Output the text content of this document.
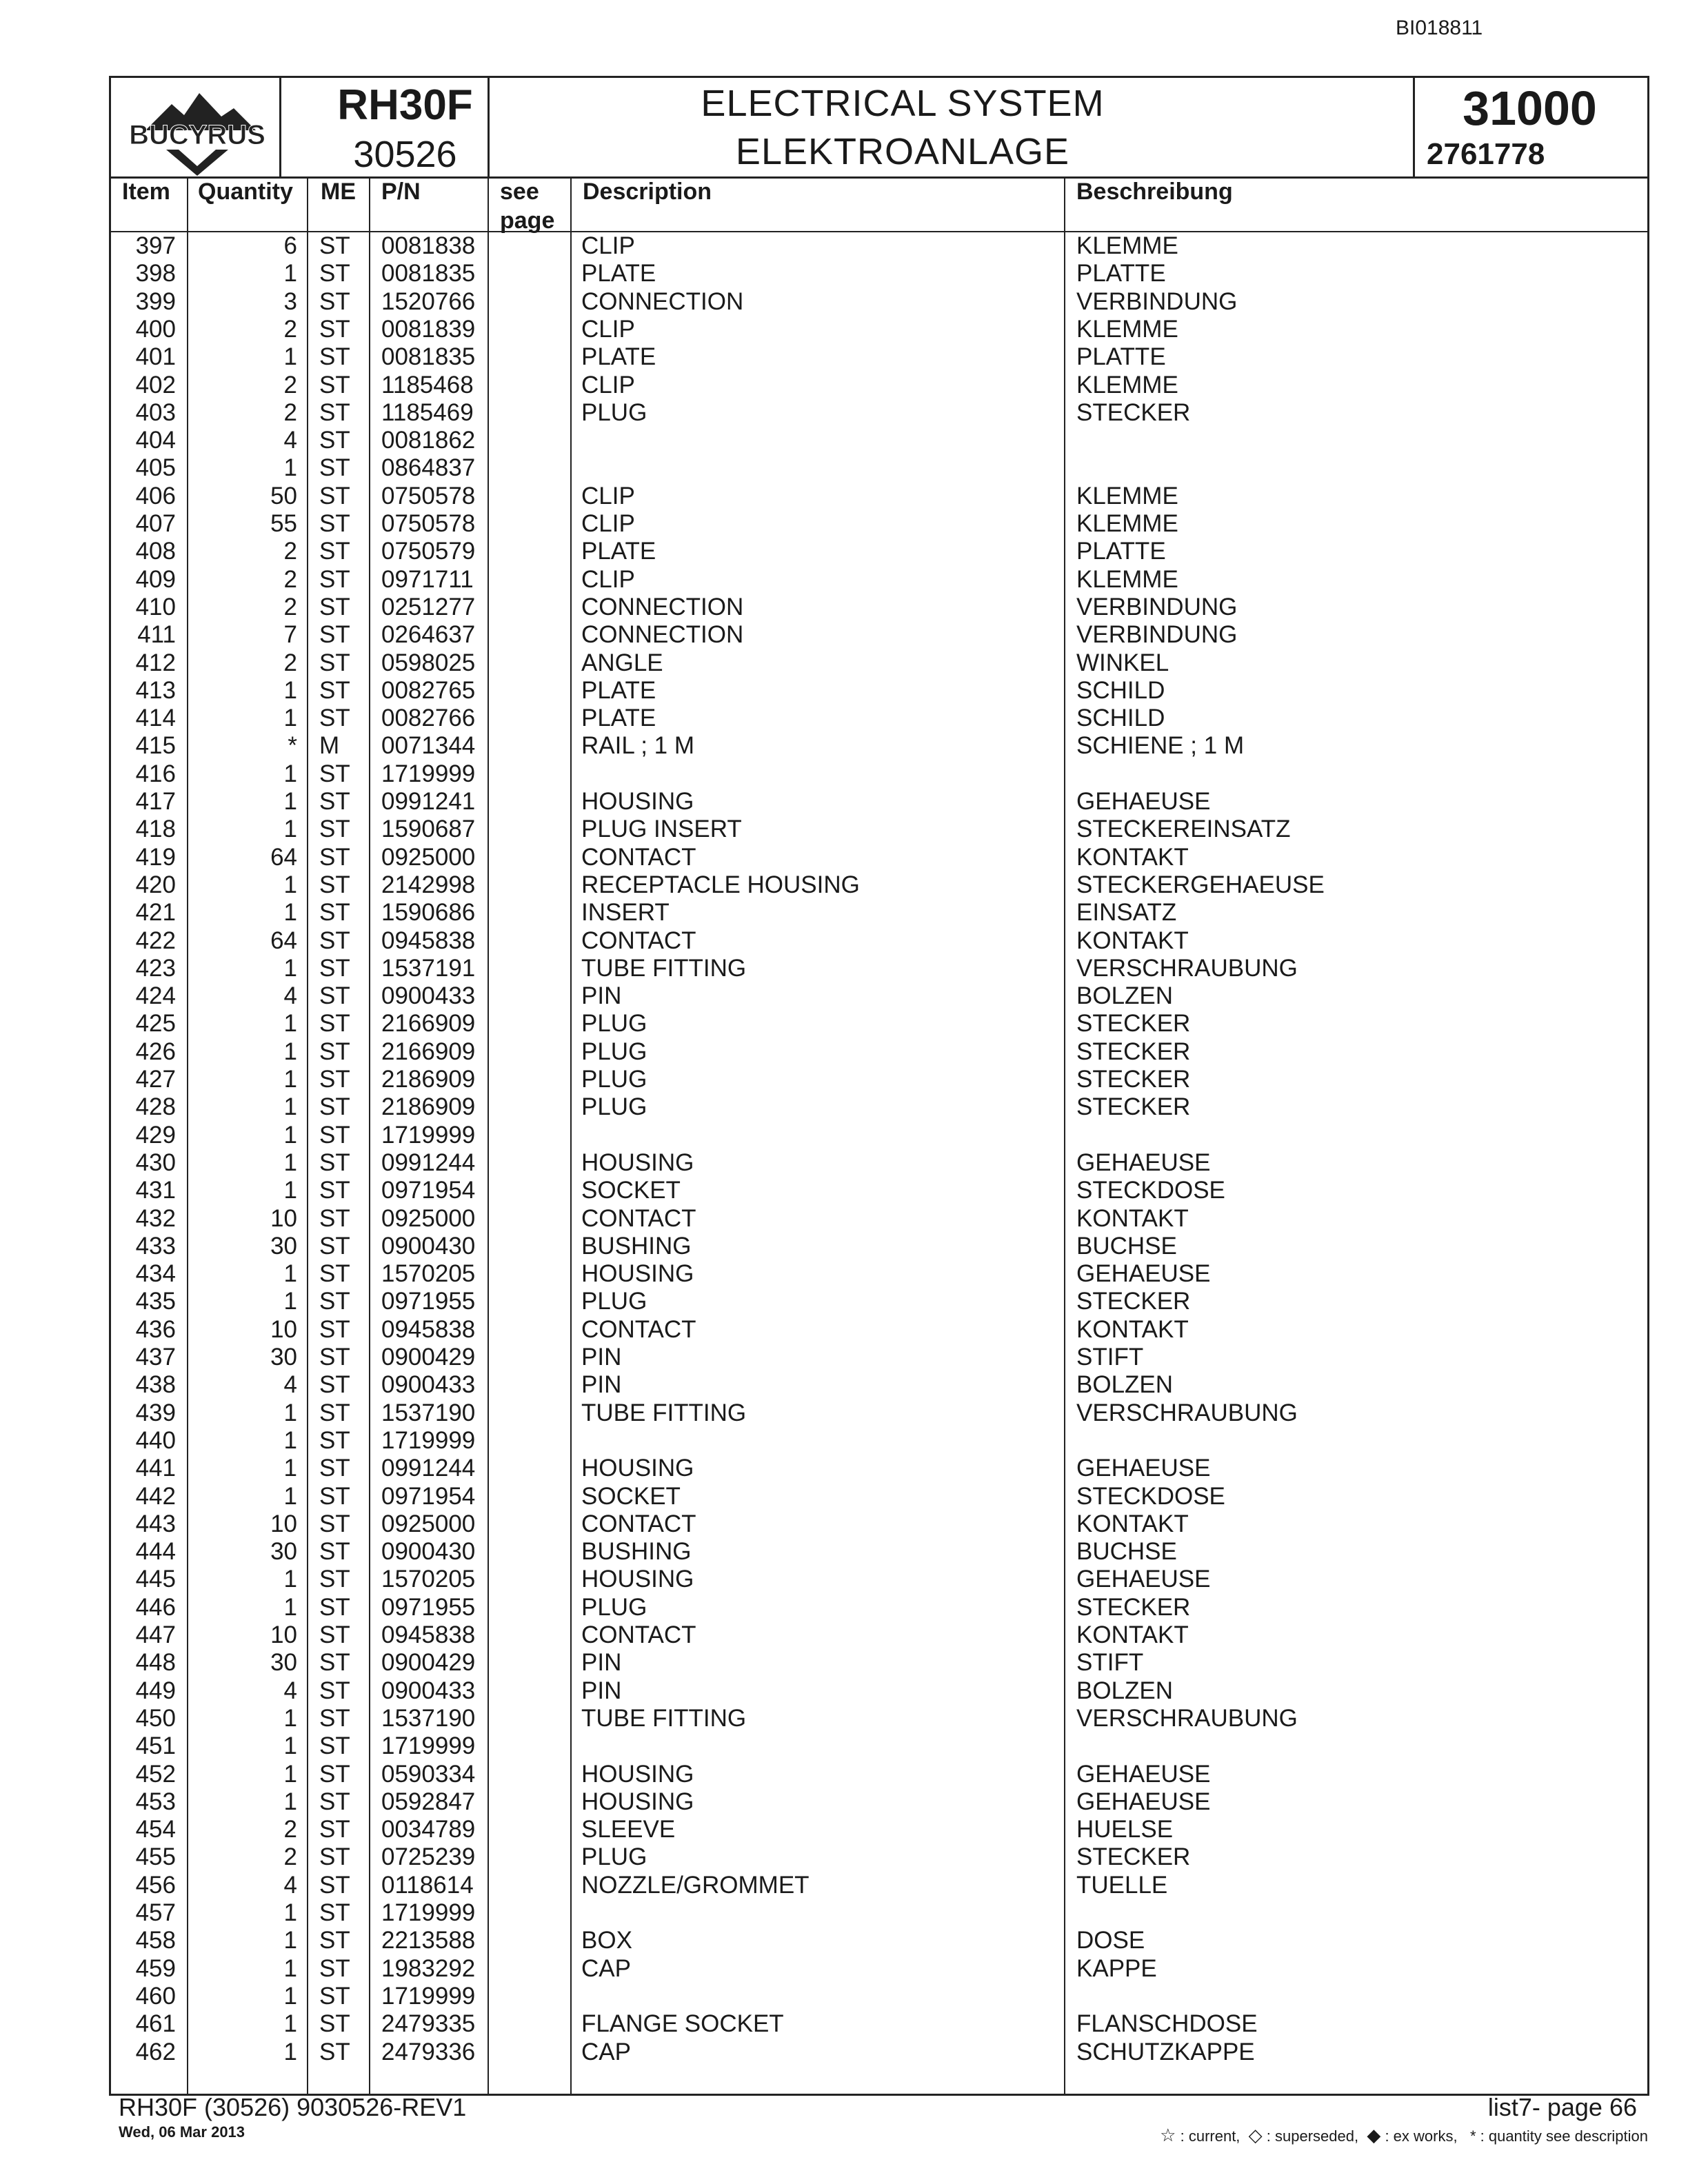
BI018811
BUCYRUS
RH30F
30526
ELECTRICAL SYSTEM
ELEKTROANLAGE
31000
2761778
Item Quantity ME P/N	see
page
Description	Beschreibung
397	6 ST 0081838	CLIP	KLEMME
398	1 ST 0081835	PLATE	PLATTE
399	3 ST 1520766	CONNECTION	VERBINDUNG
400	2 ST 0081839	CLIP	KLEMME
401	1 ST 0081835	PLATE	PLATTE
402	2 ST 1185468	CLIP	KLEMME
403	2 ST 1185469	PLUG	STECKER
404	4 ST 0081862
405	1 ST 0864837
406	50 ST 0750578	CLIP	KLEMME
407	55 ST 0750578	CLIP	KLEMME
408	2 ST 0750579	PLATE	PLATTE
409	2 ST 0971711	CLIP	KLEMME
410	2 ST 0251277	CONNECTION	VERBINDUNG
411	7 ST 0264637	CONNECTION	VERBINDUNG
412	2 ST 0598025	ANGLE	WINKEL
413	1 ST 0082765	PLATE	SCHILD
414	1 ST 0082766	PLATE	SCHILD
415	* M 0071344	RAIL ; 1 M	SCHIENE ; 1 M
416	1 ST 1719999
417	1 ST 0991241	HOUSING	GEHAEUSE
418	1 ST 1590687	PLUG INSERT	STECKEREINSATZ
419	64 ST 0925000	CONTACT	KONTAKT
420	1 ST 2142998	RECEPTACLE HOUSING	STECKERGEHAEUSE
421	1 ST 1590686	INSERT	EINSATZ
422	64 ST 0945838	CONTACT	KONTAKT
423	1 ST 1537191	TUBE FITTING	VERSCHRAUBUNG
424	4 ST 0900433	PIN	BOLZEN
425	1 ST 2166909	PLUG	STECKER
426	1 ST 2166909	PLUG	STECKER
427	1 ST 2186909	PLUG	STECKER
428	1 ST 2186909	PLUG	STECKER
429	1 ST 1719999
430	1 ST 0991244	HOUSING	GEHAEUSE
431	1 ST 0971954	SOCKET	STECKDOSE
432	10 ST 0925000	CONTACT	KONTAKT
433	30 ST 0900430	BUSHING	BUCHSE
434	1 ST 1570205	HOUSING	GEHAEUSE
435	1 ST 0971955	PLUG	STECKER
436	10 ST 0945838	CONTACT	KONTAKT
437	30 ST 0900429	PIN	STIFT
438	4 ST 0900433	PIN	BOLZEN
439	1 ST 1537190	TUBE FITTING	VERSCHRAUBUNG
440	1 ST 1719999
441	1 ST 0991244	HOUSING	GEHAEUSE
442	1 ST 0971954	SOCKET	STECKDOSE
443	10 ST 0925000	CONTACT	KONTAKT
444	30 ST 0900430	BUSHING	BUCHSE
445	1 ST 1570205	HOUSING	GEHAEUSE
446	1 ST 0971955	PLUG	STECKER
447	10 ST 0945838	CONTACT	KONTAKT
448	30 ST 0900429	PIN	STIFT
449	4 ST 0900433	PIN	BOLZEN
450	1 ST 1537190	TUBE FITTING	VERSCHRAUBUNG
451	1 ST 1719999
452	1 ST 0590334	HOUSING	GEHAEUSE
453	1 ST 0592847	HOUSING	GEHAEUSE
454	2 ST 0034789	SLEEVE	HUELSE
455	2 ST 0725239	PLUG	STECKER
456	4 ST 0118614	NOZZLE/GROMMET	TUELLE
457	1 ST 1719999
458	1 ST 2213588	BOX	DOSE
459	1 ST 1983292	CAP	KAPPE
460	1 ST 1719999
461	1 ST 2479335	FLANGE SOCKET	FLANSCHDOSE
462	1 ST 2479336	CAP	SCHUTZKAPPE
RH30F (30526) 9030526-REV1
Wed, 06 Mar 2013
list7- page 66
☆ : current, ◇ : superseded, ◆ : ex works, * : quantity see description
